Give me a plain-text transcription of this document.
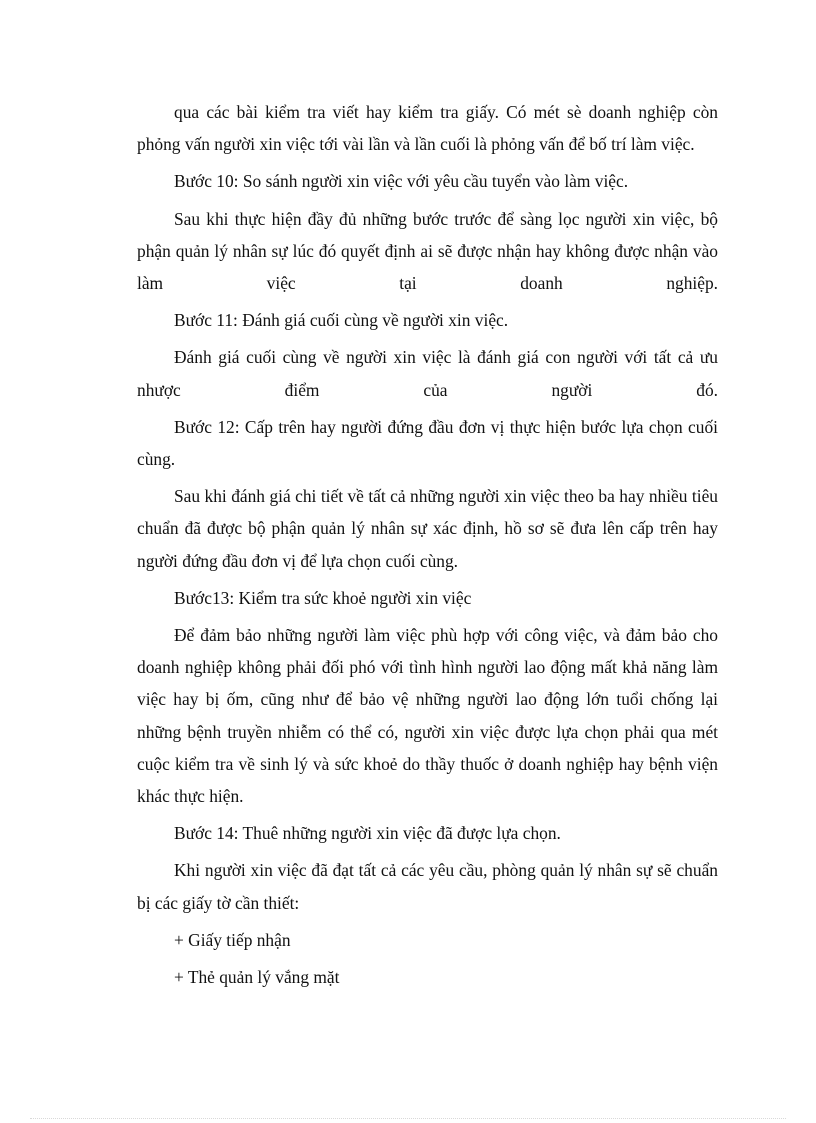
qua các bài kiểm tra viết hay kiểm tra giấy. Có mét sè doanh nghiệp còn phỏng vấn người xin việc tới vài lần và lần cuối là phỏng vấn để bố trí làm việc.

Bước 10: So sánh người xin việc với yêu cầu tuyển vào làm việc.

Sau khi thực hiện đầy đủ những bước trước để sàng lọc người xin việc, bộ phận quản lý nhân sự lúc đó quyết định ai sẽ được nhận hay không được nhận vào làm việc tại doanh nghiệp.

Bước 11: Đánh giá cuối cùng về người xin việc.

Đánh giá cuối cùng về người xin việc là đánh giá con người với tất cả ưu nhược điểm của người đó.

Bước 12: Cấp trên hay người đứng đầu đơn vị thực hiện bước lựa chọn cuối cùng.

Sau khi đánh giá chi tiết về tất cả những người xin việc theo ba hay nhiều tiêu chuẩn đã được bộ phận quản lý nhân sự xác định, hồ sơ sẽ đưa lên cấp trên hay người đứng đầu đơn vị để lựa chọn cuối cùng.

Bước13: Kiểm tra sức khoẻ người xin việc

Để đảm bảo những người làm việc phù hợp với công việc, và đảm bảo cho doanh nghiệp không phải đối phó với tình hình người lao động mất khả năng làm việc hay bị ốm, cũng như để bảo vệ những người lao động lớn tuổi chống lại những bệnh truyền nhiễm có thể có, người xin việc được lựa chọn phải qua mét cuộc kiểm tra về sinh lý và sức khoẻ do thầy thuốc ở doanh nghiệp hay bệnh viện khác thực hiện.

Bước 14: Thuê những người xin việc đã được lựa chọn.

Khi người xin việc đã đạt tất cả các yêu cầu, phòng quản lý nhân sự sẽ chuẩn bị các giấy tờ cần thiết:

+ Giấy tiếp nhận

+ Thẻ quản lý vắng mặt
